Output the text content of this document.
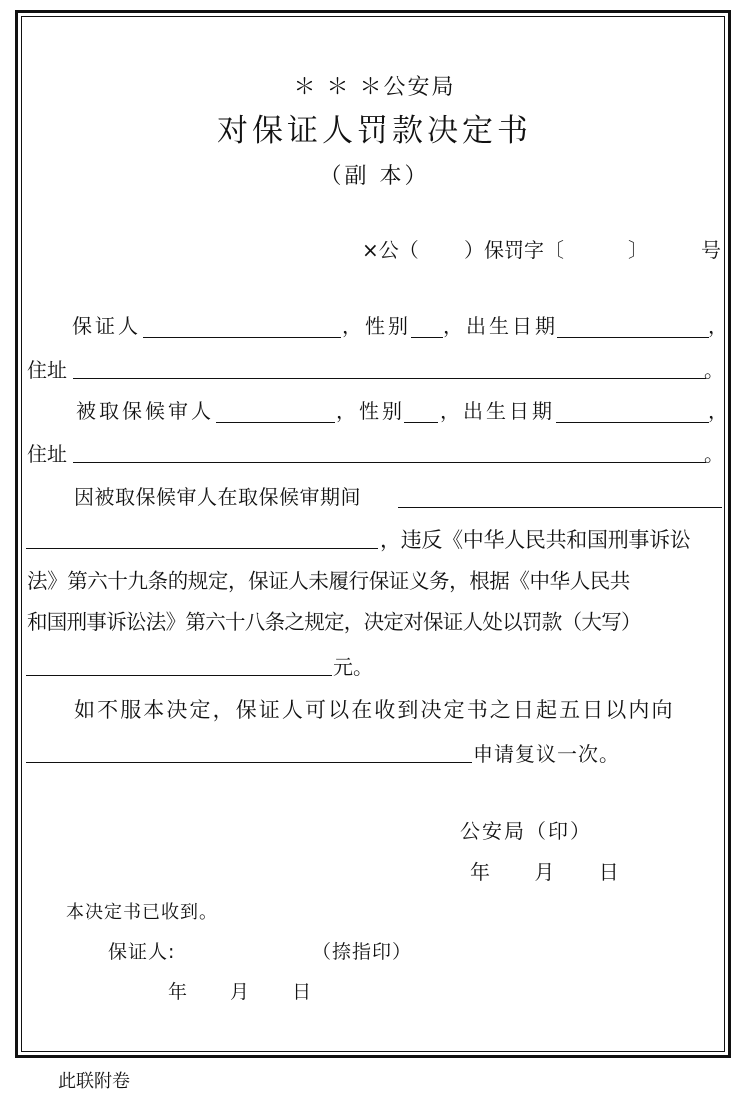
＊ ＊ ＊公安局
对保证人罚款决定书
（副 本）
×公（ ）保罚字〔	〕	号
保证人	，性别 ，出生日期	，
住址	。
被取保候审人	，性别 ，出生日期	，
住址	。
因被取保候审人在取保候审期间
，违反《中华人民共和国刑事诉讼
法》第六十九条的规定，保证人未履行保证义务，根据《中华人民共
和国刑事诉讼法》第六十八条之规定，决定对保证人处以罚款（大写）
元。
如不服本决定，保证人可以在收到决定书之日起五日以内向
申请复议一次。
公安局（印）
年　 月　 日
本决定书已收到。
保证人:	（捺指印）
年　 月　 日
此联附卷
